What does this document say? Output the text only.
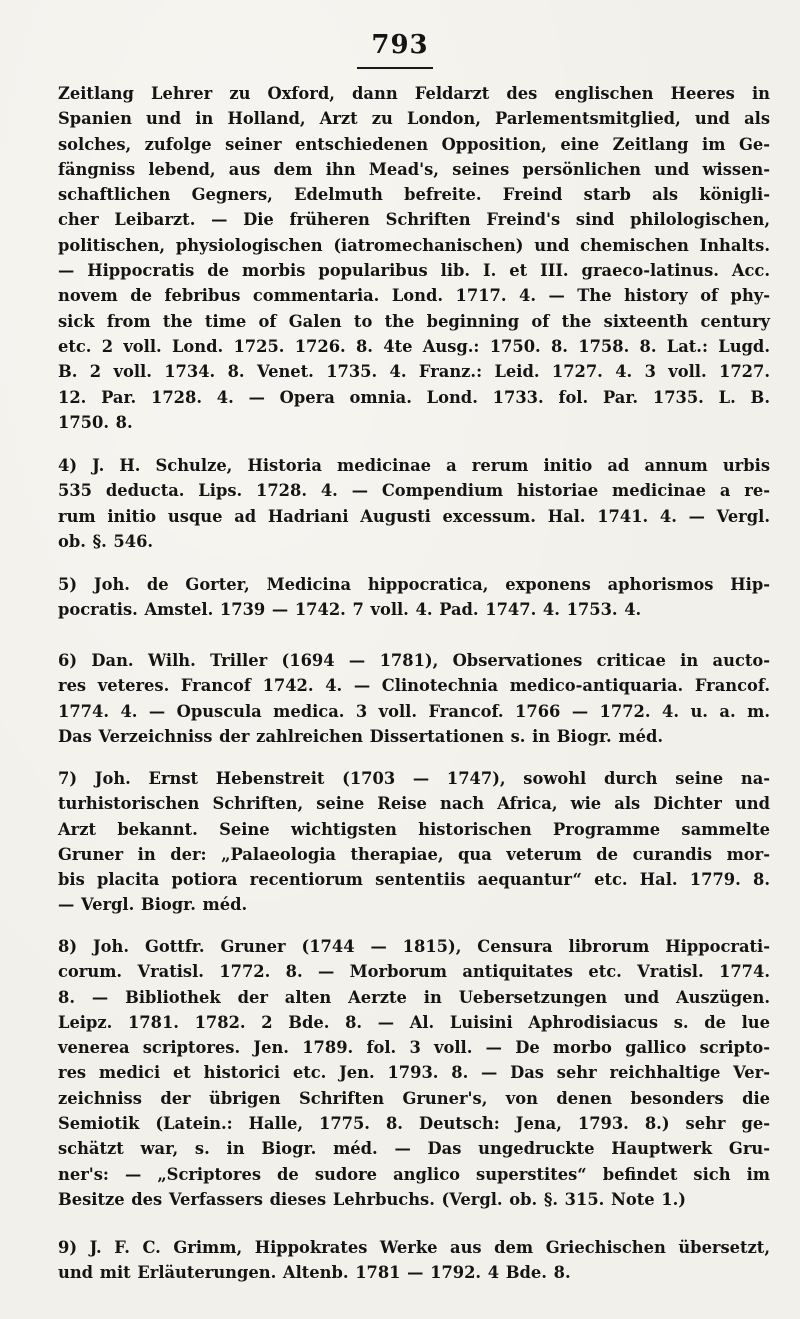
793
Zeitlang Lehrer zu Oxford, dann Feldarzt des englischen Heeres in
Spanien und in Holland, Arzt zu London, Parlementsmitglied, und als
solches, zufolge seiner entschiedenen Opposition, eine Zeitlang im Ge-
fängniss lebend, aus dem ihn Mead's, seines persönlichen und wissen-
schaftlichen Gegners, Edelmuth befreite. Freind starb als königli-
cher Leibarzt. — Die früheren Schriften Freind's sind philologischen,
politischen, physiologischen (iatromechanischen) und chemischen Inhalts.
— Hippocratis de morbis popularibus lib. I. et III. graeco-latinus. Acc.
novem de febribus commentaria. Lond. 1717. 4. — The history of phy-
sick from the time of Galen to the beginning of the sixteenth century
etc. 2 voll. Lond. 1725. 1726. 8. 4te Ausg.: 1750. 8. 1758. 8. Lat.: Lugd.
B. 2 voll. 1734. 8. Venet. 1735. 4. Franz.: Leid. 1727. 4. 3 voll. 1727.
12. Par. 1728. 4. — Opera omnia. Lond. 1733. fol. Par. 1735. L. B.
1750. 8.
4) J. H. Schulze, Historia medicinae a rerum initio ad annum urbis
535 deducta. Lips. 1728. 4. — Compendium historiae medicinae a re-
rum initio usque ad Hadriani Augusti excessum. Hal. 1741. 4. — Vergl.
ob. §. 546.
5) Joh. de Gorter, Medicina hippocratica, exponens aphorismos Hip-
pocratis. Amstel. 1739 — 1742. 7 voll. 4. Pad. 1747. 4. 1753. 4.
6) Dan. Wilh. Triller (1694 — 1781), Observationes criticae in aucto-
res veteres. Francof 1742. 4. — Clinotechnia medico-antiquaria. Francof.
1774. 4. — Opuscula medica. 3 voll. Francof. 1766 — 1772. 4. u. a. m.
Das Verzeichniss der zahlreichen Dissertationen s. in Biogr. méd.
7) Joh. Ernst Hebenstreit (1703 — 1747), sowohl durch seine na-
turhistorischen Schriften, seine Reise nach Africa, wie als Dichter und
Arzt bekannt. Seine wichtigsten historischen Programme sammelte
Gruner in der: „Palaeologia therapiae, qua veterum de curandis mor-
bis placita potiora recentiorum sententiis aequantur“ etc. Hal. 1779. 8.
— Vergl. Biogr. méd.
8) Joh. Gottfr. Gruner (1744 — 1815), Censura librorum Hippocrati-
corum. Vratisl. 1772. 8. — Morborum antiquitates etc. Vratisl. 1774.
8. — Bibliothek der alten Aerzte in Uebersetzungen und Auszügen.
Leipz. 1781. 1782. 2 Bde. 8. — Al. Luisini Aphrodisiacus s. de lue
venerea scriptores. Jen. 1789. fol. 3 voll. — De morbo gallico scripto-
res medici et historici etc. Jen. 1793. 8. — Das sehr reichhaltige Ver-
zeichniss der übrigen Schriften Gruner's, von denen besonders die
Semiotik (Latein.: Halle, 1775. 8. Deutsch: Jena, 1793. 8.) sehr ge-
schätzt war, s. in Biogr. méd. — Das ungedruckte Hauptwerk Gru-
ner's: — „Scriptores de sudore anglico superstites“ befindet sich im
Besitze des Verfassers dieses Lehrbuchs. (Vergl. ob. §. 315. Note 1.)
9) J. F. C. Grimm, Hippokrates Werke aus dem Griechischen übersetzt,
und mit Erläuterungen. Altenb. 1781 — 1792. 4 Bde. 8.
